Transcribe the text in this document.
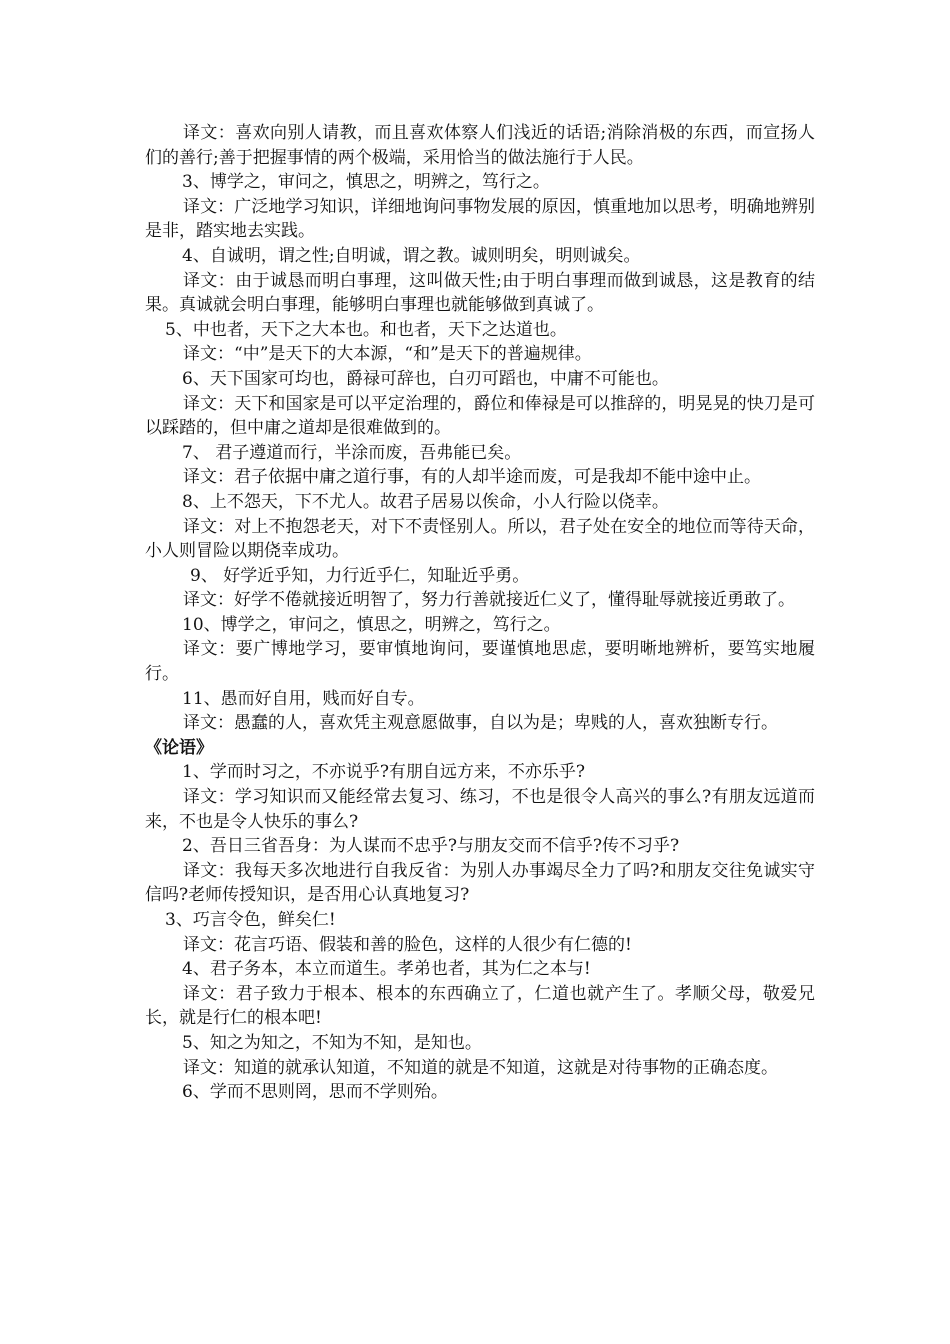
译文：喜欢向别人请教，而且喜欢体察人们浅近的话语;消除消极的东西，而宣扬人们的善行;善于把握事情的两个极端，采用恰当的做法施行于人民。

3、博学之，审问之，慎思之，明辨之，笃行之。

译文：广泛地学习知识，详细地询问事物发展的原因，慎重地加以思考，明确地辨别是非，踏实地去实践。

4、自诚明，谓之性;自明诚，谓之教。诚则明矣，明则诚矣。

译文：由于诚恳而明白事理，这叫做天性;由于明白事理而做到诚恳，这是教育的结果。真诚就会明白事理，能够明白事理也就能够做到真诚了。

5、中也者，天下之大本也。和也者，天下之达道也。

译文：“中”是天下的大本源，“和”是天下的普遍规律。

6、天下国家可均也，爵禄可辞也，白刃可蹈也，中庸不可能也。

译文：天下和国家是可以平定治理的，爵位和俸禄是可以推辞的，明晃晃的快刀是可以踩踏的，但中庸之道却是很难做到的。

7、 君子遵道而行，半涂而废，吾弗能已矣。

译文：君子依据中庸之道行事，有的人却半途而废，可是我却不能中途中止。

8、上不怨天，下不尤人。故君子居易以俟命，小人行险以侥幸。

译文：对上不抱怨老天，对下不责怪别人。所以，君子处在安全的地位而等待天命，小人则冒险以期侥幸成功。

9、 好学近乎知，力行近乎仁，知耻近乎勇。

译文：好学不倦就接近明智了，努力行善就接近仁义了，懂得耻辱就接近勇敢了。

10、博学之，审问之，慎思之，明辨之，笃行之。

译文：要广博地学习，要审慎地询问，要谨慎地思虑，要明晰地辨析，要笃实地履行。

11、愚而好自用，贱而好自专。

译文：愚蠢的人，喜欢凭主观意愿做事，自以为是；卑贱的人，喜欢独断专行。

《论语》

1、学而时习之，不亦说乎?有朋自远方来，不亦乐乎?

译文：学习知识而又能经常去复习、练习，不也是很令人高兴的事么?有朋友远道而来，不也是令人快乐的事么?

2、吾日三省吾身：为人谋而不忠乎?与朋友交而不信乎?传不习乎?

译文：我每天多次地进行自我反省：为别人办事竭尽全力了吗?和朋友交往免诚实守信吗?老师传授知识，是否用心认真地复习?

3、巧言令色，鲜矣仁!

译文：花言巧语、假装和善的脸色，这样的人很少有仁德的!

4、君子务本，本立而道生。孝弟也者，其为仁之本与!

译文：君子致力于根本、根本的东西确立了，仁道也就产生了。孝顺父母，敬爱兄长，就是行仁的根本吧!

5、知之为知之，不知为不知，是知也。

译文：知道的就承认知道，不知道的就是不知道，这就是对待事物的正确态度。

6、学而不思则罔，思而不学则殆。
